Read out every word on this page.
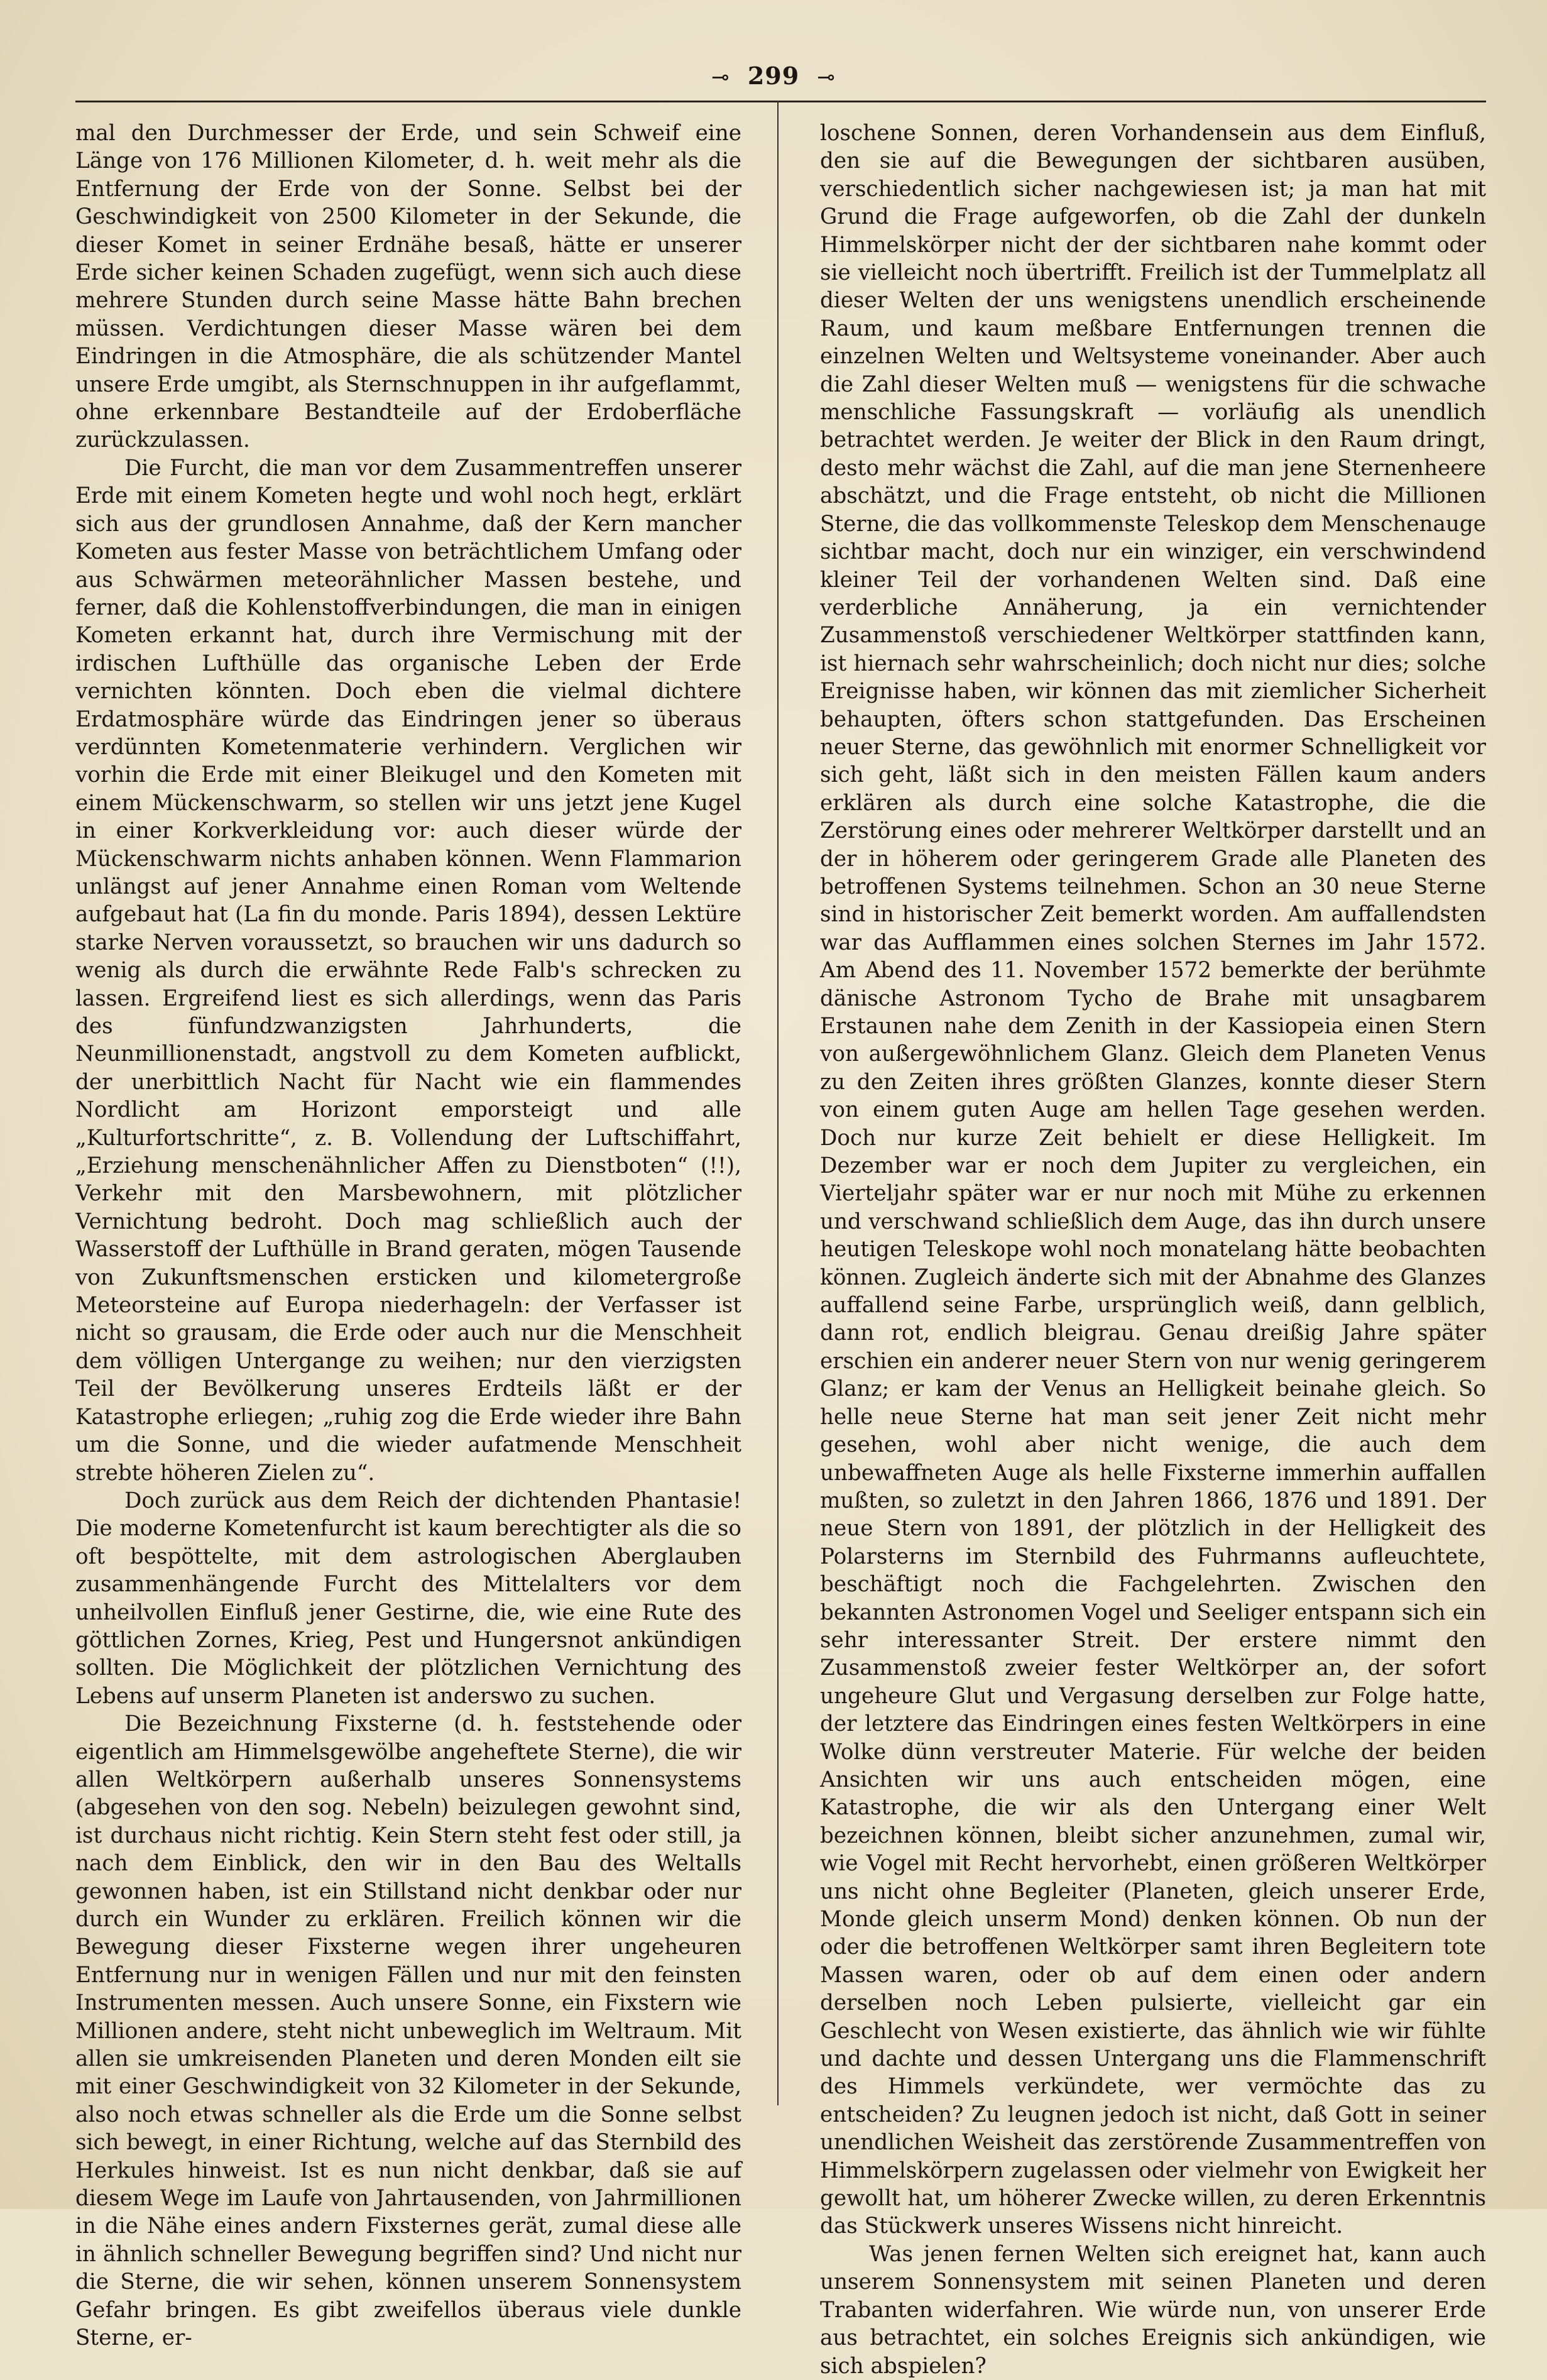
⊸ 299 ⊸

mal den Durchmesser der Erde, und sein Schweif eine Länge von 176 Millionen Kilometer, d. h. weit mehr als die Entfernung der Erde von der Sonne. Selbst bei der Geschwindigkeit von 2500 Kilometer in der Sekunde, die dieser Komet in seiner Erdnähe besaß, hätte er unserer Erde sicher keinen Schaden zugefügt, wenn sich auch diese mehrere Stunden durch seine Masse hätte Bahn brechen müssen. Verdichtungen dieser Masse wären bei dem Eindringen in die Atmosphäre, die als schützender Mantel unsere Erde umgibt, als Sternschnuppen in ihr aufgeflammt, ohne erkennbare Bestandteile auf der Erdoberfläche zurückzulassen.

Die Furcht, die man vor dem Zusammentreffen unserer Erde mit einem Kometen hegte und wohl noch hegt, erklärt sich aus der grundlosen Annahme, daß der Kern mancher Kometen aus fester Masse von beträchtlichem Umfang oder aus Schwärmen meteorähnlicher Massen bestehe, und ferner, daß die Kohlenstoffverbindungen, die man in einigen Kometen erkannt hat, durch ihre Vermischung mit der irdischen Lufthülle das organische Leben der Erde vernichten könnten. Doch eben die vielmal dichtere Erdatmosphäre würde das Eindringen jener so überaus verdünnten Kometenmaterie verhindern. Verglichen wir vorhin die Erde mit einer Bleikugel und den Kometen mit einem Mückenschwarm, so stellen wir uns jetzt jene Kugel in einer Korkverkleidung vor: auch dieser würde der Mückenschwarm nichts anhaben können. Wenn Flammarion unlängst auf jener Annahme einen Roman vom Weltende aufgebaut hat (La fin du monde. Paris 1894), dessen Lektüre starke Nerven voraussetzt, so brauchen wir uns dadurch so wenig als durch die erwähnte Rede Falb's schrecken zu lassen. Ergreifend liest es sich allerdings, wenn das Paris des fünfundzwanzigsten Jahrhunderts, die Neunmillionenstadt, angstvoll zu dem Kometen aufblickt, der unerbittlich Nacht für Nacht wie ein flammendes Nordlicht am Horizont emporsteigt und alle „Kulturfortschritte“, z. B. Vollendung der Luftschiffahrt, „Erziehung menschenähnlicher Affen zu Dienstboten“ (!!), Verkehr mit den Marsbewohnern, mit plötzlicher Vernichtung bedroht. Doch mag schließlich auch der Wasserstoff der Lufthülle in Brand geraten, mögen Tausende von Zukunftsmenschen ersticken und kilometergroße Meteorsteine auf Europa niederhageln: der Verfasser ist nicht so grausam, die Erde oder auch nur die Menschheit dem völligen Untergange zu weihen; nur den vierzigsten Teil der Bevölkerung unseres Erdteils läßt er der Katastrophe erliegen; „ruhig zog die Erde wieder ihre Bahn um die Sonne, und die wieder aufatmende Menschheit strebte höheren Zielen zu“.

Doch zurück aus dem Reich der dichtenden Phantasie! Die moderne Kometenfurcht ist kaum berechtigter als die so oft bespöttelte, mit dem astrologischen Aberglauben zusammenhängende Furcht des Mittelalters vor dem unheilvollen Einfluß jener Gestirne, die, wie eine Rute des göttlichen Zornes, Krieg, Pest und Hungersnot ankündigen sollten. Die Möglichkeit der plötzlichen Vernichtung des Lebens auf unserm Planeten ist anderswo zu suchen.

Die Bezeichnung Fixsterne (d. h. feststehende oder eigentlich am Himmelsgewölbe angeheftete Sterne), die wir allen Weltkörpern außerhalb unseres Sonnensystems (abgesehen von den sog. Nebeln) beizulegen gewohnt sind, ist durchaus nicht richtig. Kein Stern steht fest oder still, ja nach dem Einblick, den wir in den Bau des Weltalls gewonnen haben, ist ein Stillstand nicht denkbar oder nur durch ein Wunder zu erklären. Freilich können wir die Bewegung dieser Fixsterne wegen ihrer ungeheuren Entfernung nur in wenigen Fällen und nur mit den feinsten Instrumenten messen. Auch unsere Sonne, ein Fixstern wie Millionen andere, steht nicht unbeweglich im Weltraum. Mit allen sie umkreisenden Planeten und deren Monden eilt sie mit einer Geschwindigkeit von 32 Kilometer in der Sekunde, also noch etwas schneller als die Erde um die Sonne selbst sich bewegt, in einer Richtung, welche auf das Sternbild des Herkules hinweist. Ist es nun nicht denkbar, daß sie auf diesem Wege im Laufe von Jahrtausenden, von Jahrmillionen in die Nähe eines andern Fixsternes gerät, zumal diese alle in ähnlich schneller Bewegung begriffen sind? Und nicht nur die Sterne, die wir sehen, können unserem Sonnensystem Gefahr bringen. Es gibt zweifellos überaus viele dunkle Sterne, er-

loschene Sonnen, deren Vorhandensein aus dem Einfluß, den sie auf die Bewegungen der sichtbaren ausüben, verschiedentlich sicher nachgewiesen ist; ja man hat mit Grund die Frage aufgeworfen, ob die Zahl der dunkeln Himmelskörper nicht der der sichtbaren nahe kommt oder sie vielleicht noch übertrifft. Freilich ist der Tummelplatz all dieser Welten der uns wenigstens unendlich erscheinende Raum, und kaum meßbare Entfernungen trennen die einzelnen Welten und Weltsysteme voneinander. Aber auch die Zahl dieser Welten muß — wenigstens für die schwache menschliche Fassungskraft — vorläufig als unendlich betrachtet werden. Je weiter der Blick in den Raum dringt, desto mehr wächst die Zahl, auf die man jene Sternenheere abschätzt, und die Frage entsteht, ob nicht die Millionen Sterne, die das vollkommenste Teleskop dem Menschenauge sichtbar macht, doch nur ein winziger, ein verschwindend kleiner Teil der vorhandenen Welten sind. Daß eine verderbliche Annäherung, ja ein vernichtender Zusammenstoß verschiedener Weltkörper stattfinden kann, ist hiernach sehr wahrscheinlich; doch nicht nur dies; solche Ereignisse haben, wir können das mit ziemlicher Sicherheit behaupten, öfters schon stattgefunden. Das Erscheinen neuer Sterne, das gewöhnlich mit enormer Schnelligkeit vor sich geht, läßt sich in den meisten Fällen kaum anders erklären als durch eine solche Katastrophe, die die Zerstörung eines oder mehrerer Weltkörper darstellt und an der in höherem oder geringerem Grade alle Planeten des betroffenen Systems teilnehmen. Schon an 30 neue Sterne sind in historischer Zeit bemerkt worden. Am auffallendsten war das Aufflammen eines solchen Sternes im Jahr 1572. Am Abend des 11. November 1572 bemerkte der berühmte dänische Astronom Tycho de Brahe mit unsagbarem Erstaunen nahe dem Zenith in der Kassiopeia einen Stern von außergewöhnlichem Glanz. Gleich dem Planeten Venus zu den Zeiten ihres größten Glanzes, konnte dieser Stern von einem guten Auge am hellen Tage gesehen werden. Doch nur kurze Zeit behielt er diese Helligkeit. Im Dezember war er noch dem Jupiter zu vergleichen, ein Vierteljahr später war er nur noch mit Mühe zu erkennen und verschwand schließlich dem Auge, das ihn durch unsere heutigen Teleskope wohl noch monatelang hätte beobachten können. Zugleich änderte sich mit der Abnahme des Glanzes auffallend seine Farbe, ursprünglich weiß, dann gelblich, dann rot, endlich bleigrau. Genau dreißig Jahre später erschien ein anderer neuer Stern von nur wenig geringerem Glanz; er kam der Venus an Helligkeit beinahe gleich. So helle neue Sterne hat man seit jener Zeit nicht mehr gesehen, wohl aber nicht wenige, die auch dem unbewaffneten Auge als helle Fixsterne immerhin auffallen mußten, so zuletzt in den Jahren 1866, 1876 und 1891. Der neue Stern von 1891, der plötzlich in der Helligkeit des Polarsterns im Sternbild des Fuhrmanns aufleuchtete, beschäftigt noch die Fachgelehrten. Zwischen den bekannten Astronomen Vogel und Seeliger entspann sich ein sehr interessanter Streit. Der erstere nimmt den Zusammenstoß zweier fester Weltkörper an, der sofort ungeheure Glut und Vergasung derselben zur Folge hatte, der letztere das Eindringen eines festen Weltkörpers in eine Wolke dünn verstreuter Materie. Für welche der beiden Ansichten wir uns auch entscheiden mögen, eine Katastrophe, die wir als den Untergang einer Welt bezeichnen können, bleibt sicher anzunehmen, zumal wir, wie Vogel mit Recht hervorhebt, einen größeren Weltkörper uns nicht ohne Begleiter (Planeten, gleich unserer Erde, Monde gleich unserm Mond) denken können. Ob nun der oder die betroffenen Weltkörper samt ihren Begleitern tote Massen waren, oder ob auf dem einen oder andern derselben noch Leben pulsierte, vielleicht gar ein Geschlecht von Wesen existierte, das ähnlich wie wir fühlte und dachte und dessen Untergang uns die Flammenschrift des Himmels verkündete, wer vermöchte das zu entscheiden? Zu leugnen jedoch ist nicht, daß Gott in seiner unendlichen Weisheit das zerstörende Zusammentreffen von Himmelskörpern zugelassen oder vielmehr von Ewigkeit her gewollt hat, um höherer Zwecke willen, zu deren Erkenntnis das Stückwerk unseres Wissens nicht hinreicht.

Was jenen fernen Welten sich ereignet hat, kann auch unserem Sonnensystem mit seinen Planeten und deren Trabanten widerfahren. Wie würde nun, von unserer Erde aus betrachtet, ein solches Ereignis sich ankündigen, wie sich abspielen?
